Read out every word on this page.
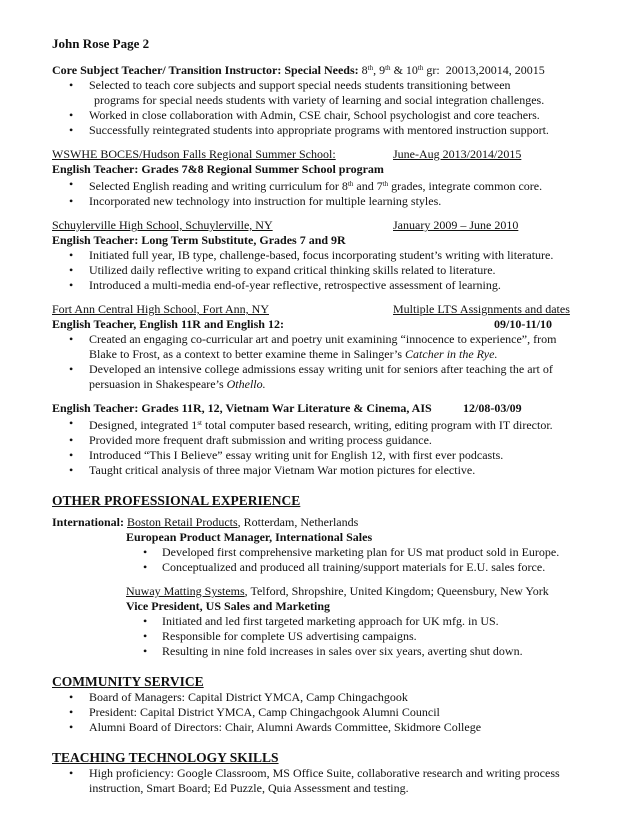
John Rose Page 2
Core Subject Teacher/ Transition Instructor: Special Needs: 8th, 9th & 10th gr:  20013,20014, 20015
• Selected to teach core subjects and support special needs students transitioning between
programs for special needs students with variety of learning and social integration challenges.
• Worked in close collaboration with Admin, CSE chair, School psychologist and core teachers.
• Successfully reintegrated students into appropriate programs with mentored instruction support.
WSWHE BOCES/Hudson Falls Regional Summer School:	June-Aug 2013/2014/2015
English Teacher: Grades 7&8 Regional Summer School program
• Selected English reading and writing curriculum for 8th and 7th grades, integrate common core.
• Incorporated new technology into instruction for multiple learning styles.
Schuylerville High School, Schuylerville, NY	January 2009 – June 2010
English Teacher: Long Term Substitute, Grades 7 and 9R
• Initiated full year, IB type, challenge-based, focus incorporating student’s writing with literature.
• Utilized daily reflective writing to expand critical thinking skills related to literature.
• Introduced a multi-media end-of-year reflective, retrospective assessment of learning.
Fort Ann Central High School, Fort Ann, NY	Multiple LTS Assignments and dates
English Teacher, English 11R and English 12:	09/10-11/10
• Created an engaging co-curricular art and poetry unit examining “innocence to experience”, from
Blake to Frost, as a context to better examine theme in Salinger’s Catcher in the Rye.
• Developed an intensive college admissions essay writing unit for seniors after teaching the art of
persuasion in Shakespeare’s Othello.
English Teacher: Grades 11R, 12, Vietnam War Literature & Cinema, AIS	12/08-03/09
• Designed, integrated 1st total computer based research, writing, editing program with IT director.
• Provided more frequent draft submission and writing process guidance.
• Introduced “This I Believe” essay writing unit for English 12, with first ever podcasts.
• Taught critical analysis of three major Vietnam War motion pictures for elective.
OTHER PROFESSIONAL EXPERIENCE
International: Boston Retail Products, Rotterdam, Netherlands
European Product Manager, International Sales
• Developed first comprehensive marketing plan for US mat product sold in Europe.
• Conceptualized and produced all training/support materials for E.U. sales force.
Nuway Matting Systems, Telford, Shropshire, United Kingdom; Queensbury, New York
Vice President, US Sales and Marketing
• Initiated and led first targeted marketing approach for UK mfg. in US.
• Responsible for complete US advertising campaigns.
• Resulting in nine fold increases in sales over six years, averting shut down.
COMMUNITY SERVICE
• Board of Managers: Capital District YMCA, Camp Chingachgook
• President: Capital District YMCA, Camp Chingachgook Alumni Council
• Alumni Board of Directors: Chair, Alumni Awards Committee, Skidmore College
TEACHING TECHNOLOGY SKILLS
• High proficiency: Google Classroom, MS Office Suite, collaborative research and writing process
instruction, Smart Board; Ed Puzzle, Quia Assessment and testing.
